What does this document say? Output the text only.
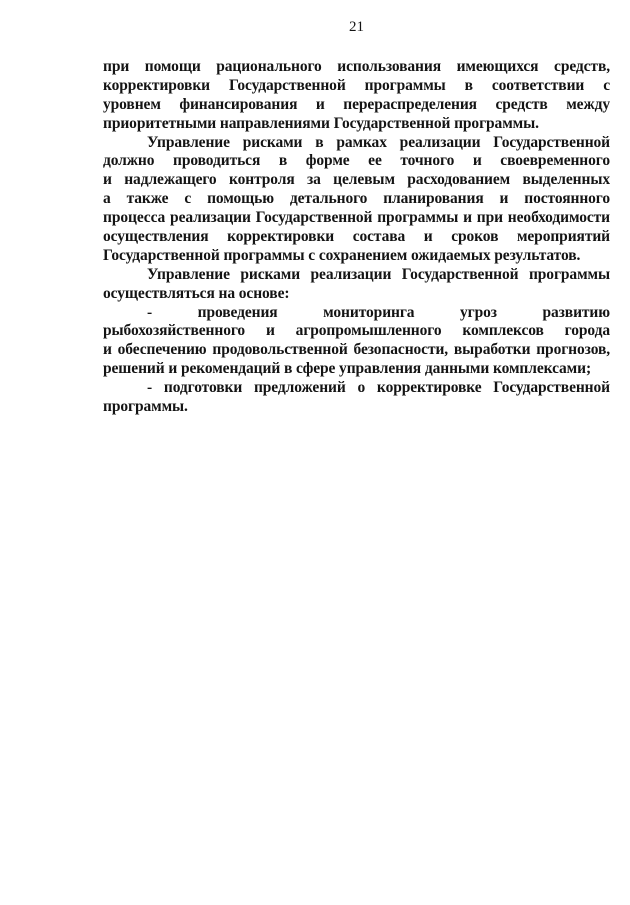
21
при помощи рационального использования имеющихся средств,
корректировки Государственной программы в соответствии с
уровнем финансирования и перераспределения средств между
приоритетными направлениями Государственной программы.
Управление рисками в рамках реализации Государственной
должно проводиться в форме ее точного и своевременного
и надлежащего контроля за целевым расходованием выделенных
а также с помощью детального планирования и постоянного
процесса реализации Государственной программы и при необходимости
осуществления корректировки состава и сроков мероприятий
Государственной программы с сохранением ожидаемых результатов.
Управление рисками реализации Государственной программы
осуществляться на основе:
- проведения мониторинга угроз развитию
рыбохозяйственного и агропромышленного комплексов города
и обеспечению продовольственной безопасности, выработки прогнозов,
решений и рекомендаций в сфере управления данными комплексами;
- подготовки предложений о корректировке Государственной
программы.
